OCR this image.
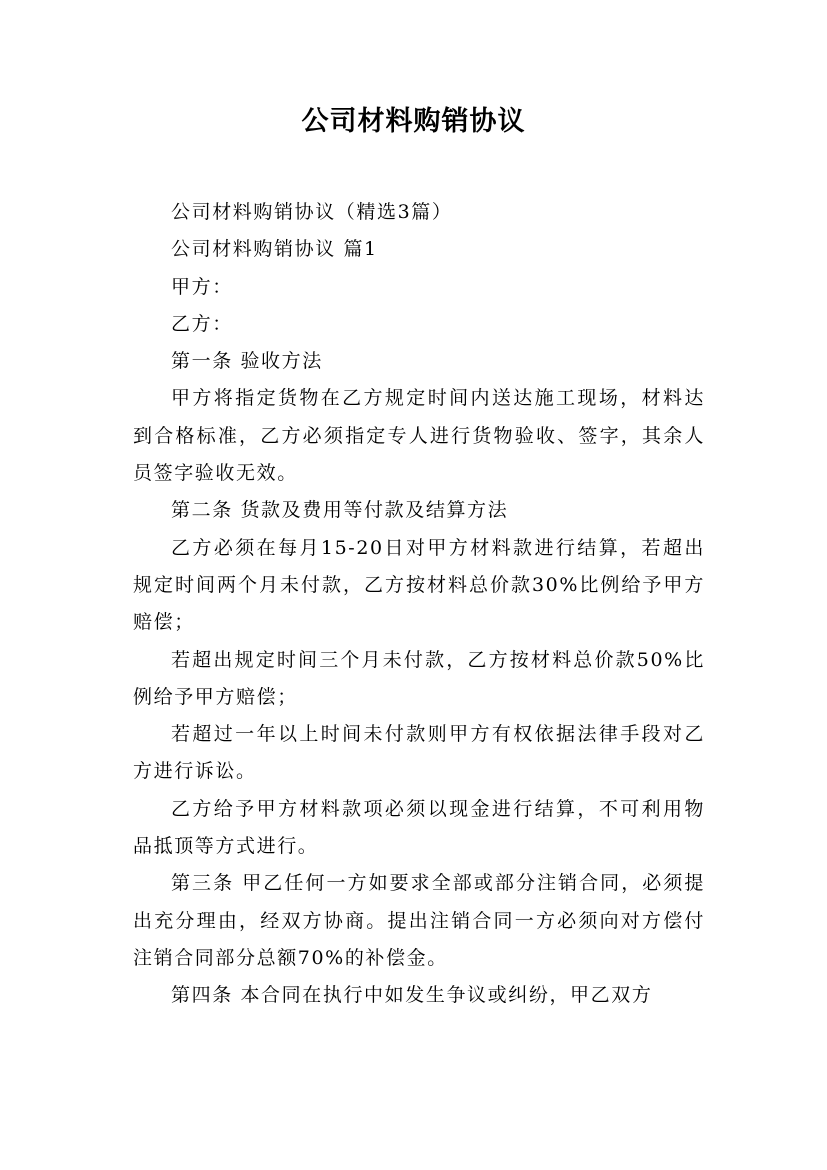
公司材料购销协议

公司材料购销协议（精选3篇）

公司材料购销协议 篇1

甲方：

乙方：

第一条 验收方法

甲方将指定货物在乙方规定时间内送达施工现场，材料达到合格标准，乙方必须指定专人进行货物验收、签字，其余人员签字验收无效。

第二条 货款及费用等付款及结算方法

乙方必须在每月15-20日对甲方材料款进行结算，若超出规定时间两个月未付款，乙方按材料总价款30%比例给予甲方赔偿；

若超出规定时间三个月未付款，乙方按材料总价款50%比例给予甲方赔偿；

若超过一年以上时间未付款则甲方有权依据法律手段对乙方进行诉讼。

乙方给予甲方材料款项必须以现金进行结算，不可利用物品抵顶等方式进行。

第三条 甲乙任何一方如要求全部或部分注销合同，必须提出充分理由，经双方协商。提出注销合同一方必须向对方偿付注销合同部分总额70%的补偿金。

第四条 本合同在执行中如发生争议或纠纷，甲乙双方
